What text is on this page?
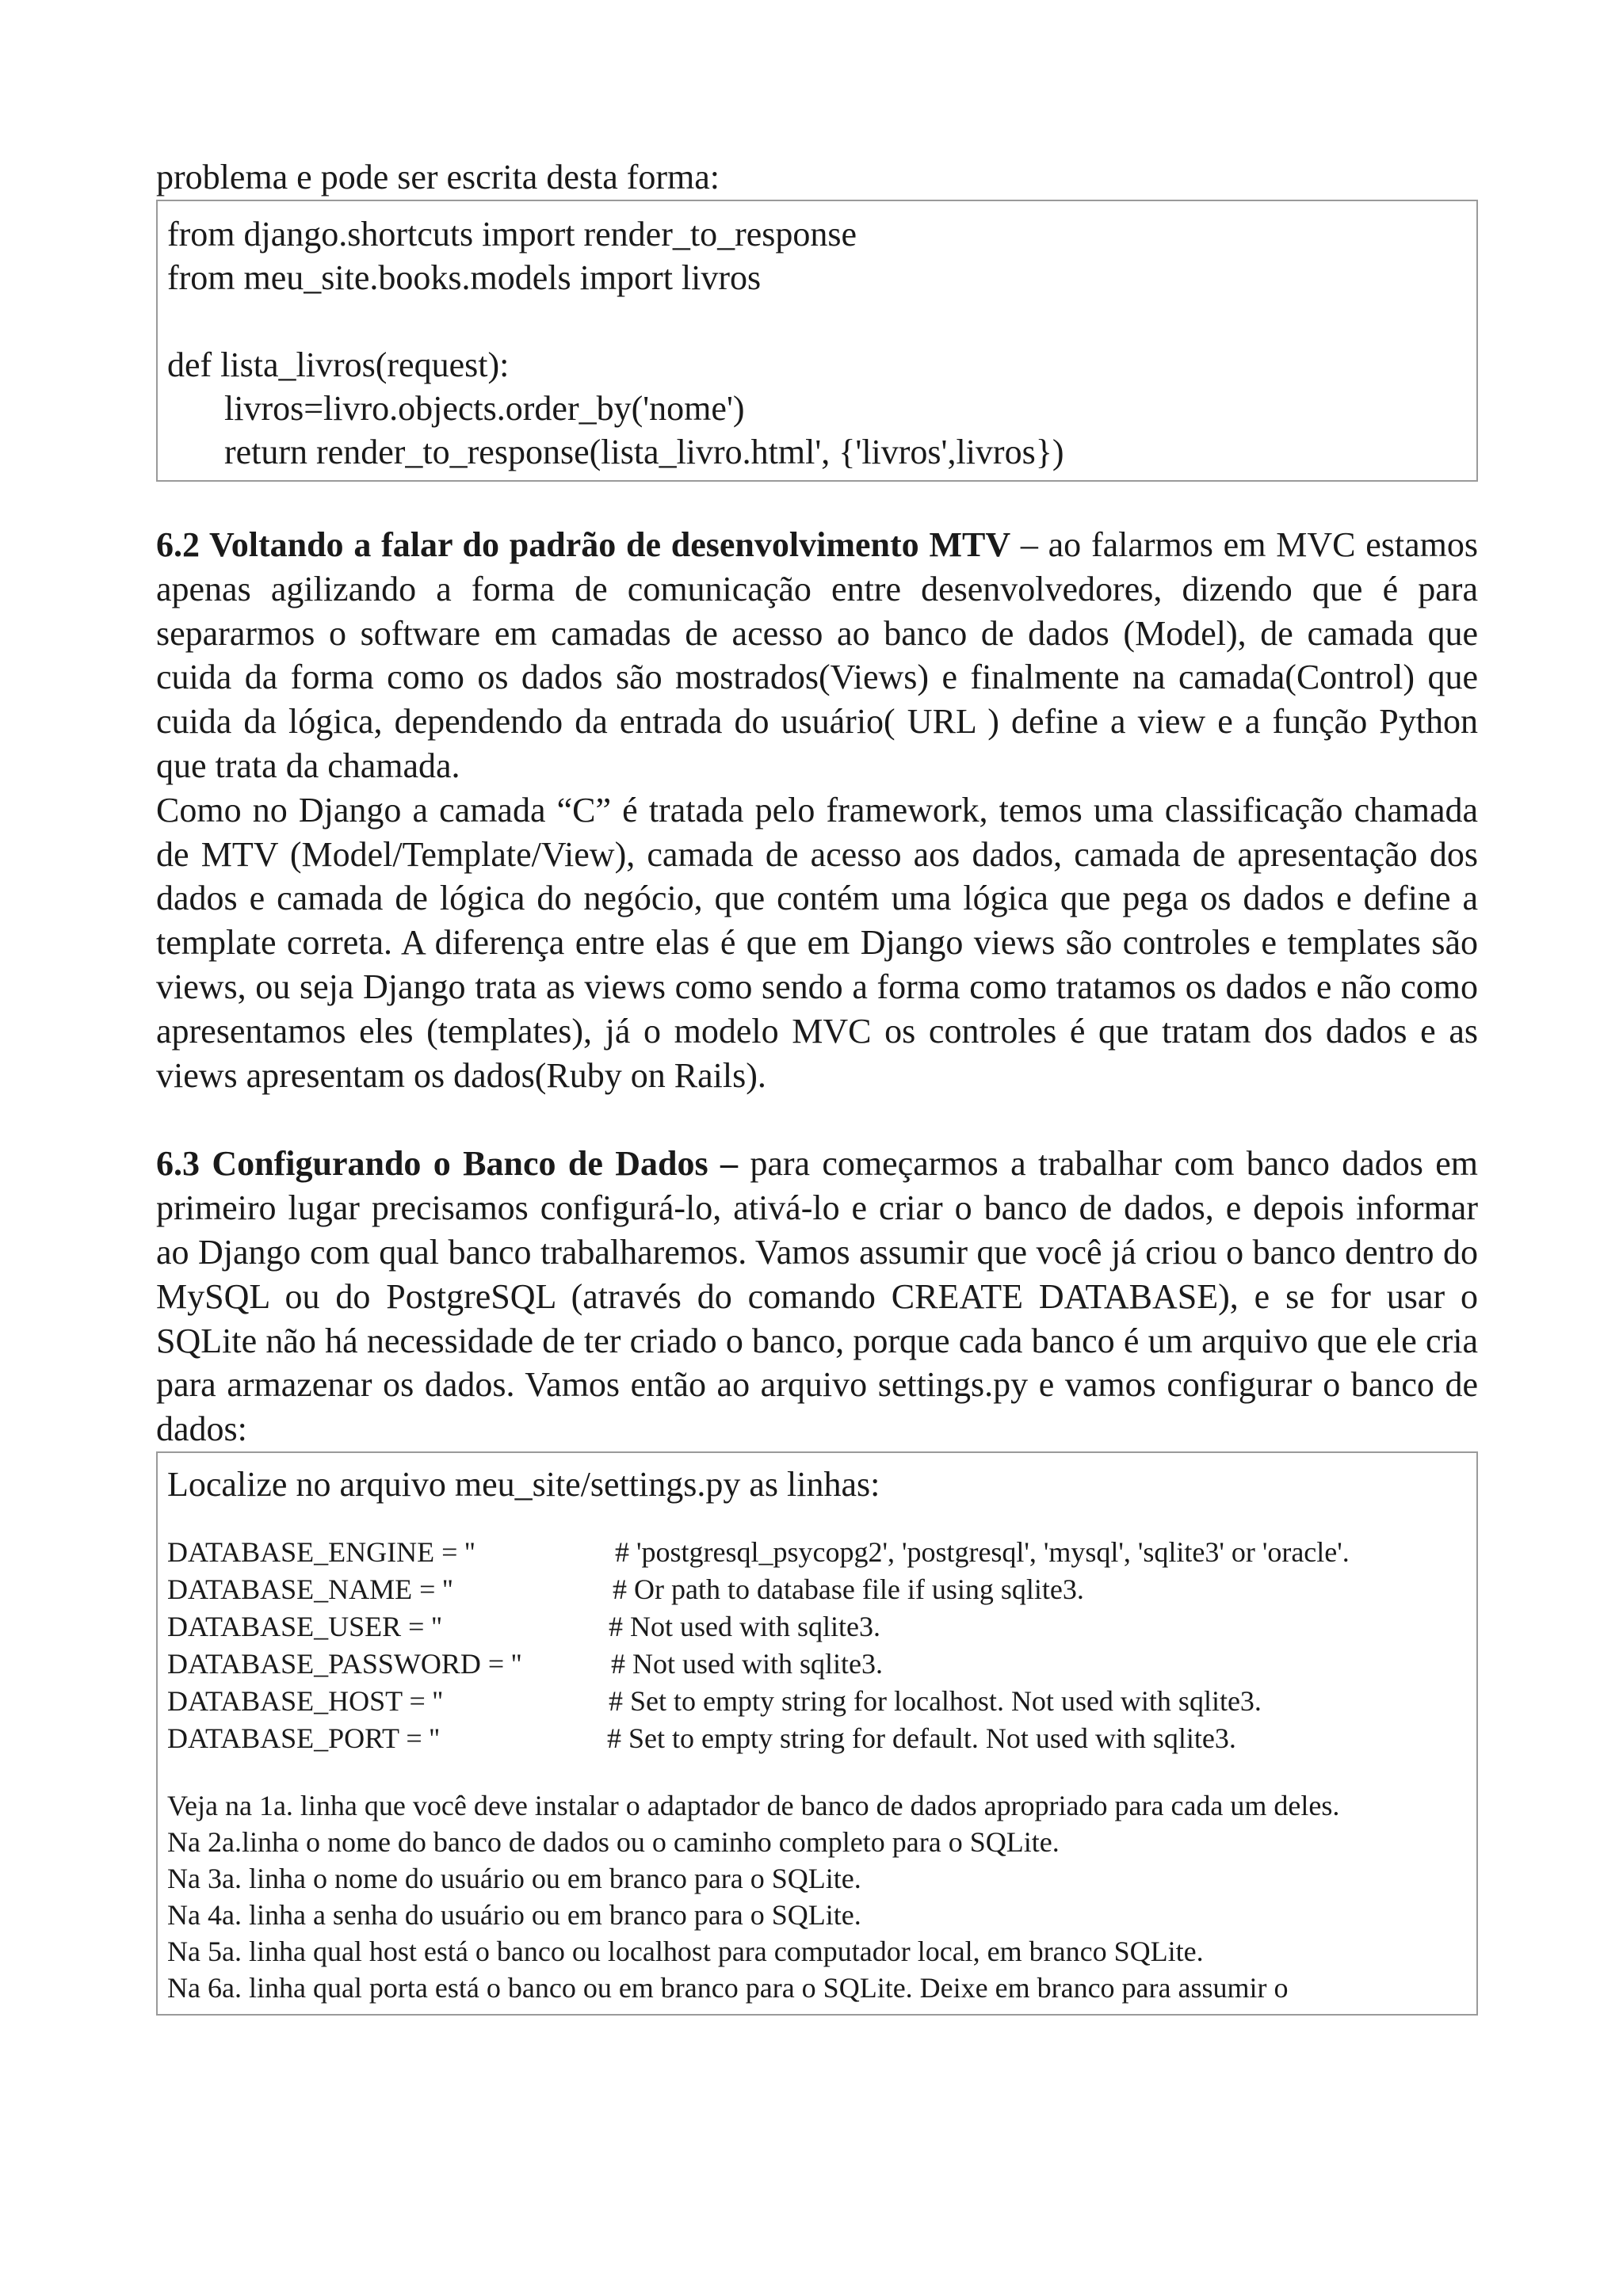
problema e pode ser escrita desta forma:

from django.shortcuts import render_to_response
from meu_site.books.models import livros
def lista_livros(request):
livros=livro.objects.order_by('nome')
return render_to_response(lista_livro.html', {'livros',livros})

6.2 Voltando a falar do padrão de desenvolvimento MTV – ao falarmos em MVC estamos apenas agilizando a forma de comunicação entre desenvolvedores, dizendo que é para separarmos o software em camadas de acesso ao banco de dados (Model), de camada que cuida da forma como os dados são mostrados(Views) e finalmente na camada(Control) que cuida da lógica, dependendo da entrada do usuário( URL ) define a view e a função Python que trata da chamada.

Como no Django a camada “C” é tratada pelo framework, temos uma classificação chamada de MTV (Model/Template/View), camada de acesso aos dados, camada de apresentação dos dados e camada de lógica do negócio, que contém uma lógica que pega os dados e define a template correta. A diferença entre elas é que em Django views são controles e templates são views, ou seja Django trata as views como sendo a forma como tratamos os dados e não como apresentamos eles (templates), já o modelo MVC os controles é que tratam dos dados e as views apresentam os dados(Ruby on Rails).

6.3 Configurando o Banco de Dados – para começarmos a trabalhar com banco dados em primeiro lugar precisamos configurá-lo, ativá-lo e criar o banco de dados, e depois informar ao Django com qual banco trabalharemos. Vamos assumir que você já criou o banco dentro do MySQL ou do PostgreSQL (através do comando CREATE DATABASE), e se for usar o SQLite não há necessidade de ter criado o banco, porque cada banco é um arquivo que ele cria para armazenar os dados. Vamos então ao arquivo settings.py e vamos configurar o banco de dados:

Localize no arquivo meu_site/settings.py as linhas:

DATABASE_ENGINE = ''	# 'postgresql_psycopg2', 'postgresql', 'mysql', 'sqlite3' or 'oracle'.
DATABASE_NAME = ''	# Or path to database file if using sqlite3.
DATABASE_USER = ''	# Not used with sqlite3.
DATABASE_PASSWORD = ''	# Not used with sqlite3.
DATABASE_HOST = ''	# Set to empty string for localhost. Not used with sqlite3.
DATABASE_PORT = ''	# Set to empty string for default. Not used with sqlite3.

Veja na 1a. linha que você deve instalar o adaptador de banco de dados apropriado para cada um deles.

Na 2a.linha o nome do banco de dados ou o caminho completo para o SQLite.

Na 3a. linha o nome do usuário ou em branco para o SQLite.

Na 4a. linha a senha do usuário ou em branco para o SQLite.

Na 5a. linha qual host está o banco ou localhost para computador local, em branco SQLite.

Na 6a. linha qual porta está o banco ou em branco para o SQLite. Deixe em branco para assumir o
